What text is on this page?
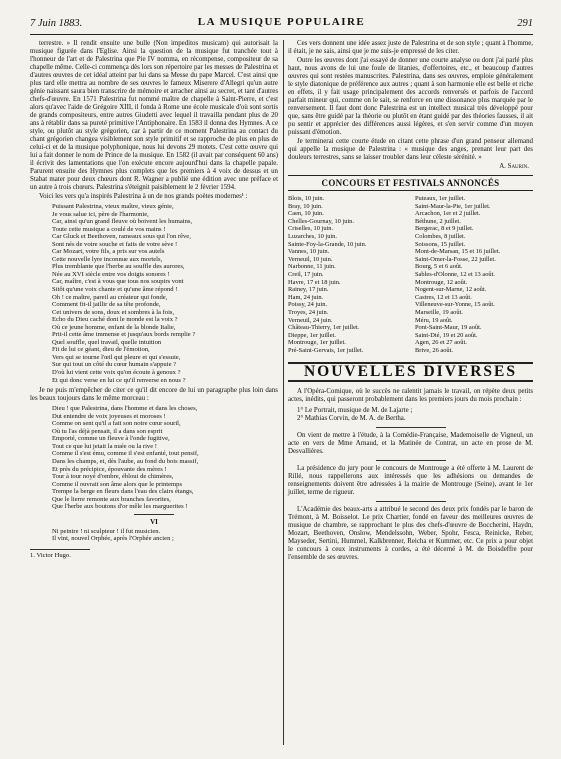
7 Juin 1883.	LA MUSIQUE POPULAIRE	291

terrestre. » Il rendit ensuite une bulle (Non impeditos musicam) qui autorisait la musique figurée dans l'Eglise. Ainsi la question de la musique fut tranchée tout à l'honneur de l'art et de Palestrina que Pie IV nomma, en récompense, compositeur de sa chapelle même. Celle-ci commença dès lors son répertoire par les messes de Palestrina et d'autres œuvres de cet idéal atteint par lui dans sa Messe du pape Marcel. C'est ainsi que plus tard elle mettra au nombre de ses œuvres le fameux Miserere d'Allegri qu'un autre génie naissant saura bien transcrire de mémoire et arracher ainsi au secret, et tant d'autres chefs-d'œuvre. En 1571 Palestrina fut nommé maître de chapelle à Saint-Pierre, et c'est alors qu'avec l'aide de Grégoire XIII, il fonda à Rome une école musicale d'où sont sortis de grands compositeurs, entre autres Giudetti avec lequel il travailla pendant plus de 20 ans à rétablir dans sa pureté primitive l'Antiphonaire. En 1583 il donna des Hymnes. A ce style, ou plutôt au style grégorien, car à partir de ce moment Palestrina au contact du chant grégorien changea visiblement son style primitif et se rapproche de plus en plus de celui-ci et de la musique polyphonique, nous lui devons 29 motets. C'est cette œuvre qui lui a fait donner le nom de Prince de la musique. En 1582 (il avait par conséquent 60 ans) il écrivit des lamentations que l'on exécute encore aujourd'hui dans la chapelle papale. Parurent ensuite des Hymnes plus complets que les premiers à 4 voix de dessus et un Stabat mater pour deux chœurs dont R. Wagner a publié une édition avec une préface et un autre à trois chœurs. Palestrina s'éteignit paisiblement le 2 février 1594.

Voici les vers qu'a inspirés Palestrina à un de nos grands poètes modernes¹ :

Puissant Palestrina, vieux maître, vieux génie,
Je vous salue ici, père de l'harmonie,
Car, ainsi qu'un grand fleuve où boivent les humains,
Toute cette musique a coulé de vos mains !
Car Gluck et Beethoven, rameaux sous qui l'on rêve,
Sont nés de votre souche et faits de votre sève !
Car Mozart, votre fils, a pris sur vos autels
Cette nouvelle lyre inconnue aux mortels,
Plus tremblante que l'herbe au souffle des aurores,
Née au XVI siècle entre vos doigts sonores !
Car, maître, c'est à vous que tous nos soupirs vont
Sitôt qu'une voix chante et qu'une âme répond !
Oh ! ce maître, pareil au créateur qui fonde,
Comment fit-il jaillir de sa tête profonde,
Cet univers de sons, doux et sombres à la fois,
Echo du Dieu caché dont le monde est la voix ?
Où ce jeune homme, enfant de la blonde Italie,
Prit-il cette âme immense et jusqu'aux bords remplie ?
Quel souffle, quel travail, quelle intuition
Fit de lui ce géant, dieu de l'émotion,
Vers qui se tourne l'œil qui pleure et qui s'essuie,
Sur qui tout un côté du cœur humain s'appuie ?
D'où lui vient cette voix qu'on écoute à genoux ?
Et qui donc verse en lui ce qu'il renverse en nous ?

Je ne puis m'empêcher de citer ce qu'il dit encore de lui un paragraphe plus loin dans les beaux toujours dans le même morceau :

Dieu ! que Palestrina, dans l'homme et dans les choses,
Dut entendre de voix joyeuses et moroses !
Comme on sent qu'il a fait son notre cœur souril,
Où tu l'as déjà pensait, il a dans son esprit
Emporté, comme un fleuve à l'onde fugitive,
Tout ce que lui jetait la nuée ou la rive !
Comme il s'est ému, comme il s'est enfanté, tout pensif,
Dans les champs, et, dès l'aube, au fond du bois massif,
Et près du précipice, épouvante des mères !
Tour à tour noyé d'ombre, ébloui de chimères,
Comme il ouvrait son âme alors que le printemps
Trempe la berge en fleurs dans l'eau des clairs étangs,
Que le lierre remonte aux branches favorites,
Que l'herbe aux boutons d'or mêle les marguerites !
VI
Ni peintre ! ni sculpteur ! il fut musicien.
Il vint, nouvel Orphée, après l'Orphée ancien ;
1. Victor Hugo.

Ces vers donnent une idée assez juste de Palestrina et de son style ; quant à l'homme, il était, je ne sais, ainsi que je me suis-je empressé de les citer.

Outre les œuvres dont j'ai essayé de donner une courte analyse ou dont j'ai parlé plus haut, nous avons de lui une foule de litanies, d'offertoires, etc., et beaucoup d'autres œuvres qui sont restées manuscrites. Palestrina, dans ses œuvres, emploie généralement le style diatonique de préférence aux autres ; quant à son harmonie elle est belle et riche en effets, il y fait usage principalement des accords renversés et parfois de l'accord parfait mineur qui, comme on le sait, se renforce en une dissonance plus marquée par le renversement. Il faut dont donc Palestrina est un intellect musical très développé pour que, sans être guidé par la théorie ou plutôt en étant guidé par des théories fausses, il ait pu sentir et apprécier des différences aussi légères, et s'en servir comme d'un moyen puissant d'émotion.

Je terminerai cette courte étude en citant cette phrase d'un grand penseur allemand qui appelle la musique de Palestrina : « musique des anges, prenant leur part des douleurs terrestres, sans se laisser troubler dans leur céleste sérénité. »

A. Saurin.
CONCOURS ET FESTIVALS ANNONCÉS
Blois, 10 juin.
Bray, 10 juin.
Caen, 10 juin.
Chelles-Gournay, 10 juin.
Criselles, 10 juin.
Luzarches, 10 juin.
Sainte-Foy-la-Grande, 10 juin.
Vannes, 10 juin.
Verneuil, 10 juin.
Narbonne, 11 juin.
Creil, 17 juin.
Havre, 17 et 18 juin.
Rainey, 17 juin.
Ham, 24 juin.
Poissy, 24 juin.
Troyes, 24 juin.
Verneuil, 24 juin.
Château-Thierry, 1er juillet.
Dieppe, 1er juillet.
Montrouge, 1er juillet.
Pré-Saint-Gervais, 1er juillet.
Puteaux, 1er juillet.
Saint-Maur-la-Pie, 1er juillet.
Arcachon, 1er et 2 juillet.
Béthune, 2 juillet.
Bergerac, 8 et 9 juillet.
Colombes, 8 juillet.
Soissons, 15 juillet.
Mont-de-Marsan, 15 et 16 juillet.
Saint-Omer-la-Fosse, 22 juillet.
Bourg, 5 et 6 août.
Sables-d'Olonne, 12 et 13 août.
Montrouge, 12 août.
Nogent-sur-Marne, 12 août.
Castres, 12 et 13 août.
Villeneuve-sur-Yonne, 15 août.
Marseille, 19 août.
Méru, 19 août.
Pont-Saint-Maur, 19 août.
Saint-Dié, 19 et 20 août.
Agen, 26 et 27 août.
Brive, 26 août.
NOUVELLES DIVERSES

A l'Opéra-Comique, où le succès ne ralentit jamais le travail, on répète deux petits actes, inédits, qui passeront probablement dans les premiers jours du mois prochain :

1° Le Portrait, musique de M. de Lajarte ;
2° Mathias Corvin, de M. A. de Bertha.

On vient de mettre à l'étude, à la Comédie-Française, Mademoiselle de Vigneul, un acte en vers de Mme Arnaud, et la Matinée de Contrat, un acte en prose de M. Desvallières.

La présidence du jury pour le concours de Montrouge a été offerte à M. Laurent de Rillé, nous rappellerons aux intéressés que les adhésions ou demandes de renseignements doivent être adressées à la mairie de Montrouge (Seine), avant le 1er juillet, terme de rigueur.

L'Académie des beaux-arts a attribué le second des deux prix fondés par le baron de Trémont, à M. Boisselot. Le prix Chartier, fondé en faveur des meilleures œuvres de musique de chambre, se rapprochant le plus des chefs-d'œuvre de Boccherini, Haydn, Mozart, Beethoven, Onslow, Mendelssohn, Weber, Spohr, Fesca, Reinicke, Reber, Mayseder, Sertini, Hummel, Kalkbrenner, Reicha et Kummer, etc. Ce prix a pour objet le concours à ceux instruments à cordes, a été décerné à M. de Boisdeffre pour l'ensemble de ses œuvres.
